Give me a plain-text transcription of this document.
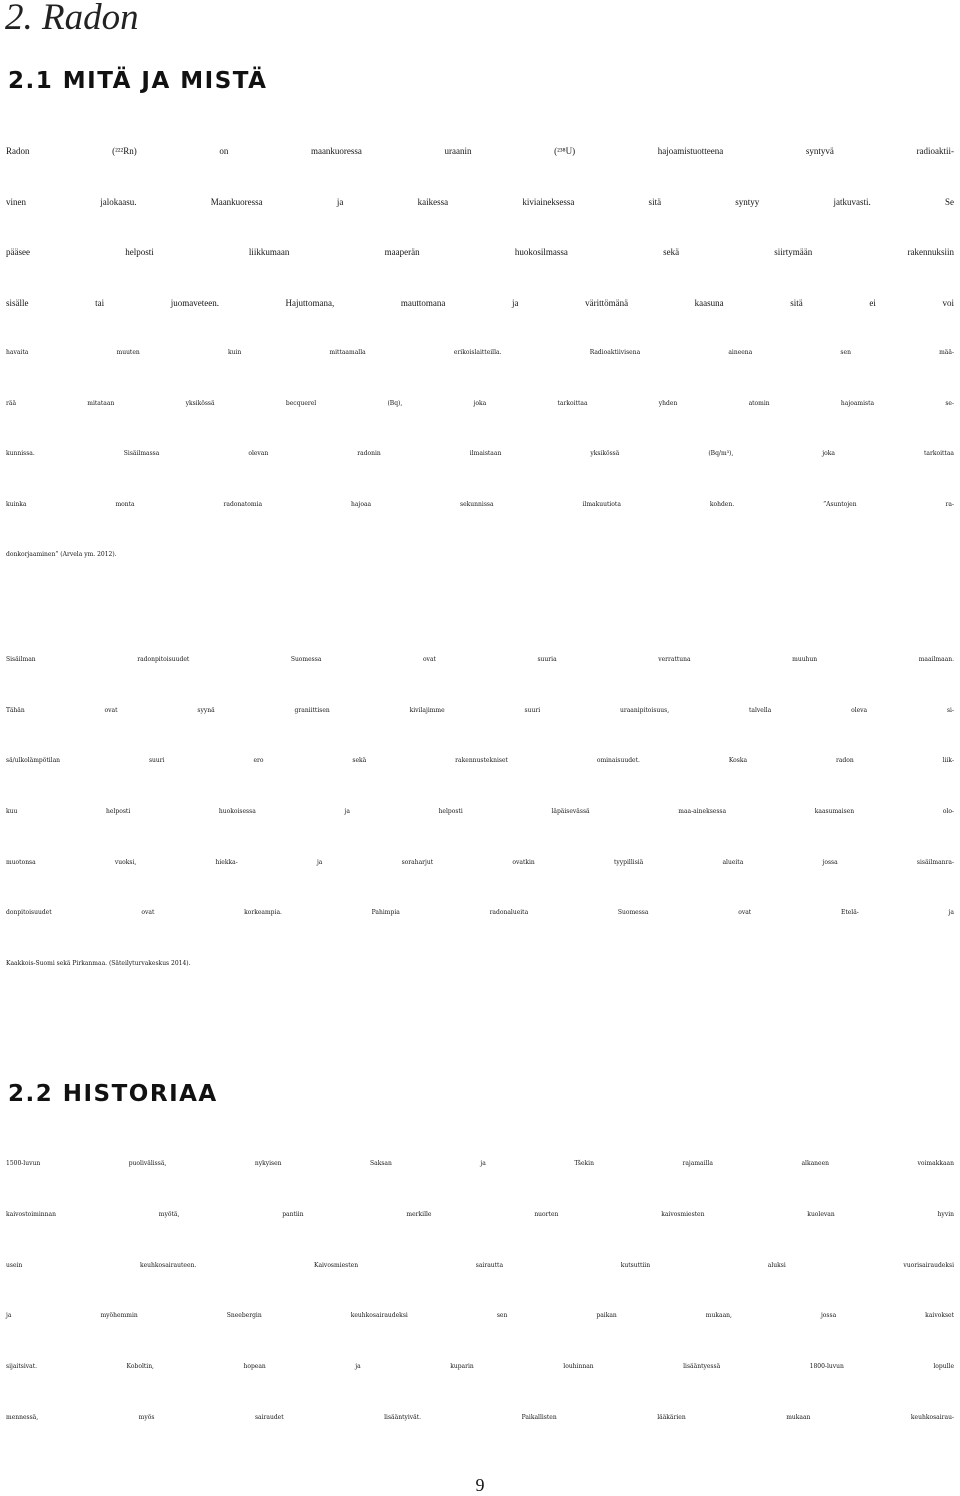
2. Radon
2.1 MITÄ JA MISTÄ
Radon (²²²Rn) on maankuoressa uraanin (²³⁸U) hajoamistuotteena syntyvä radioaktii-
vinen jalokaasu. Maankuoressa ja kaikessa kiviaineksessa sitä syntyy jatkuvasti. Se
pääsee helposti liikkumaan maaperän huokosilmassa sekä siirtymään rakennuksiin
sisälle tai juomaveteen. Hajuttomana, mauttomana ja värittömänä kaasuna sitä ei voi
havaita muuten kuin mittaamalla erikoislaitteilla. Radioaktiivisena aineena sen mää-
rää mitataan yksikössä becquerel (Bq), joka tarkoittaa yhden atomin hajoamista se-
kunnissa. Sisäilmassa olevan radonin ilmaistaan yksikössä (Bq/m³), joka tarkoittaa
kuinka monta radonatomia hajoaa sekunnissa ilmakuutiota kohden. ”Asuntojen ra-
donkorjaaminen” (Arvela ym. 2012).
Sisäilman radonpitoisuudet Suomessa ovat suuria verrattuna muuhun maailmaan.
Tähän ovat syynä graniittisen kivilajimme suuri uraanipitoisuus, talvella oleva si-
sä/ulkolämpötilan suuri ero sekä rakennustekniset ominaisuudet. Koska radon liik-
kuu helposti huokoisessa ja helposti läpäisevässä maa-aineksessa kaasumaisen olo-
muotonsa vuoksi, hiekka- ja soraharjut ovatkin tyypillisiä alueita jossa sisäilmanra-
donpitoisuudet ovat korkeampia. Pahimpia radonalueita Suomessa ovat Etelä- ja
Kaakkois-Suomi sekä Pirkanmaa. (Säteilyturvakeskus 2014).
2.2 HISTORIAA
1500-luvun puolivälissä, nykyisen Saksan ja Tšekin rajamailla alkaneen voimakkaan
kaivostoiminnan myötä, pantiin merkille nuorten kaivosmiesten kuolevan hyvin
usein keuhkosairauteen. Kaivosmiesten sairautta kutsuttiin aluksi vuorisairaudeksi
ja myöhemmin Sneebergin keuhkosairaudeksi sen paikan mukaan, jossa kaivokset
sijaitsivat. Koboltin, hopean ja kuparin louhinnan lisääntyessä 1800-luvun lopulle
mennessä, myös sairaudet lisääntyivät. Paikallisten lääkärien mukaan keuhkosairau-
9
